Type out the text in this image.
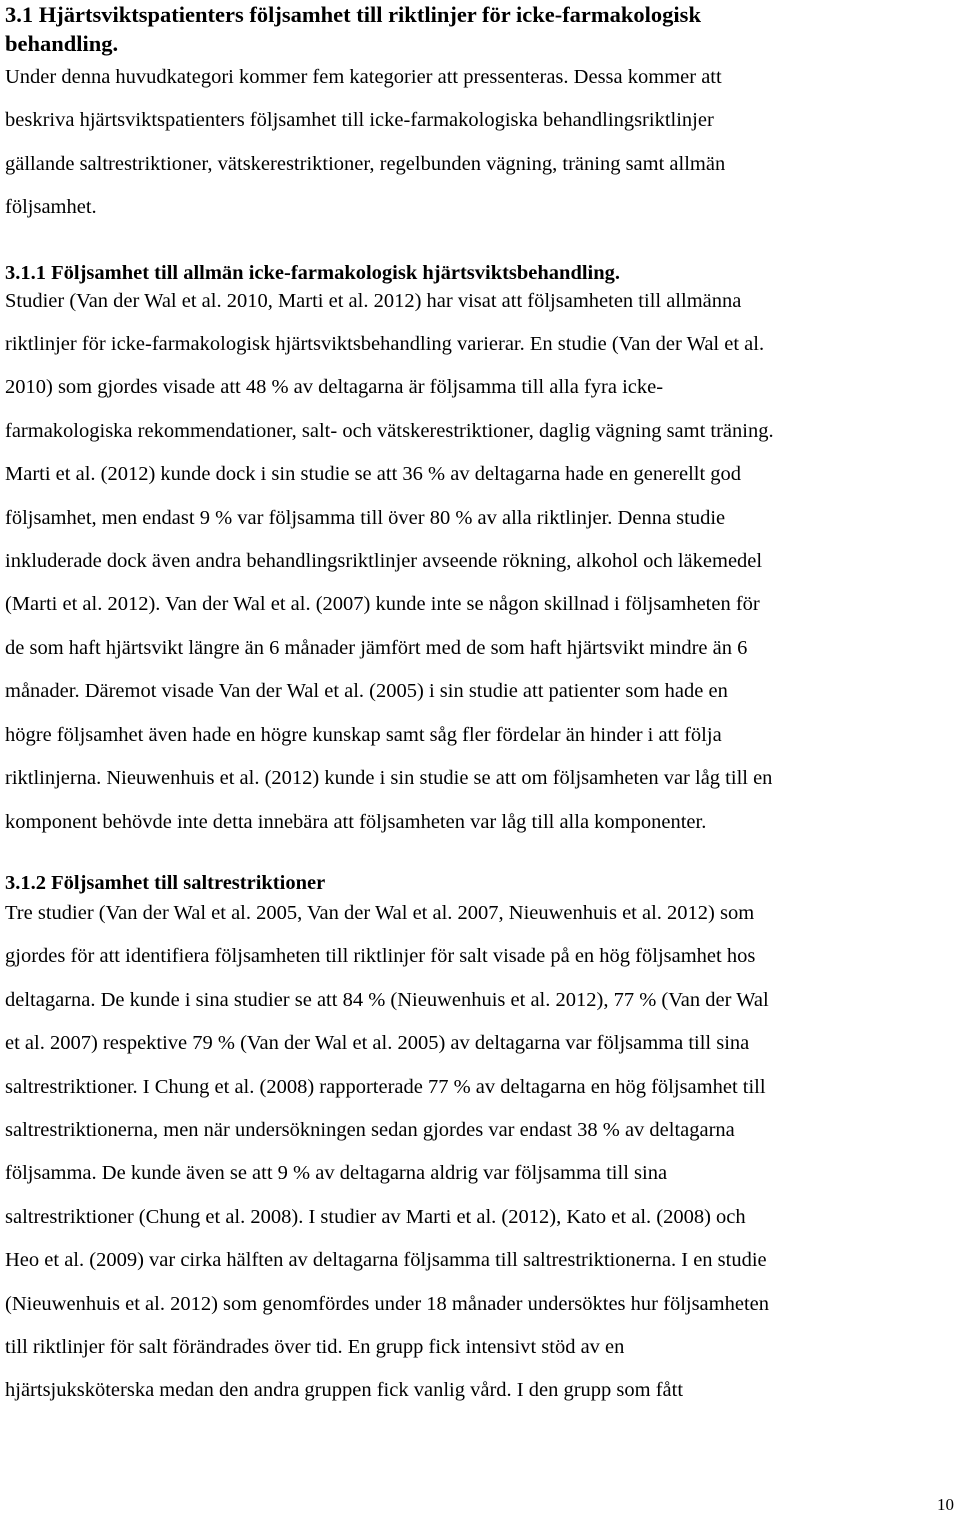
3.1 Hjärtsviktspatienters följsamhet till riktlinjer för icke-farmakologisk
behandling.
Under denna huvudkategori kommer fem kategorier att pressenteras. Dessa kommer att
beskriva hjärtsviktspatienters följsamhet till icke-farmakologiska behandlingsriktlinjer
gällande saltrestriktioner, vätskerestriktioner, regelbunden vägning, träning samt allmän
följsamhet.
3.1.1 Följsamhet till allmän icke-farmakologisk hjärtsviktsbehandling.
Studier (Van der Wal et al. 2010, Marti et al. 2012) har visat att följsamheten till allmänna
riktlinjer för icke-farmakologisk hjärtsviktsbehandling varierar. En studie (Van der Wal et al.
2010) som gjordes visade att 48 % av deltagarna är följsamma till alla fyra icke-
farmakologiska rekommendationer, salt- och vätskerestriktioner, daglig vägning samt träning.
Marti et al. (2012) kunde dock i sin studie se att 36 % av deltagarna hade en generellt god
följsamhet, men endast 9 % var följsamma till över 80 % av alla riktlinjer. Denna studie
inkluderade dock även andra behandlingsriktlinjer avseende rökning, alkohol och läkemedel
(Marti et al. 2012). Van der Wal et al. (2007) kunde inte se någon skillnad i följsamheten för
de som haft hjärtsvikt längre än 6 månader jämfört med de som haft hjärtsvikt mindre än 6
månader. Däremot visade Van der Wal et al. (2005) i sin studie att patienter som hade en
högre följsamhet även hade en högre kunskap samt såg fler fördelar än hinder i att följa
riktlinjerna. Nieuwenhuis et al. (2012) kunde i sin studie se att om följsamheten var låg till en
komponent behövde inte detta innebära att följsamheten var låg till alla komponenter.
3.1.2 Följsamhet till saltrestriktioner
Tre studier (Van der Wal et al. 2005, Van der Wal et al. 2007, Nieuwenhuis et al. 2012) som
gjordes för att identifiera följsamheten till riktlinjer för salt visade på en hög följsamhet hos
deltagarna. De kunde i sina studier se att 84 % (Nieuwenhuis et al. 2012), 77 % (Van der Wal
et al. 2007) respektive 79 % (Van der Wal et al. 2005) av deltagarna var följsamma till sina
saltrestriktioner. I Chung et al. (2008) rapporterade 77 % av deltagarna en hög följsamhet till
saltrestriktionerna, men när undersökningen sedan gjordes var endast 38 % av deltagarna
följsamma. De kunde även se att 9 % av deltagarna aldrig var följsamma till sina
saltrestriktioner (Chung et al. 2008). I studier av Marti et al. (2012), Kato et al. (2008) och
Heo et al. (2009) var cirka hälften av deltagarna följsamma till saltrestriktionerna. I en studie
(Nieuwenhuis et al. 2012) som genomfördes under 18 månader undersöktes hur följsamheten
till riktlinjer för salt förändrades över tid. En grupp fick intensivt stöd av en
hjärtsjuksköterska medan den andra gruppen fick vanlig vård. I den grupp som fått
10
